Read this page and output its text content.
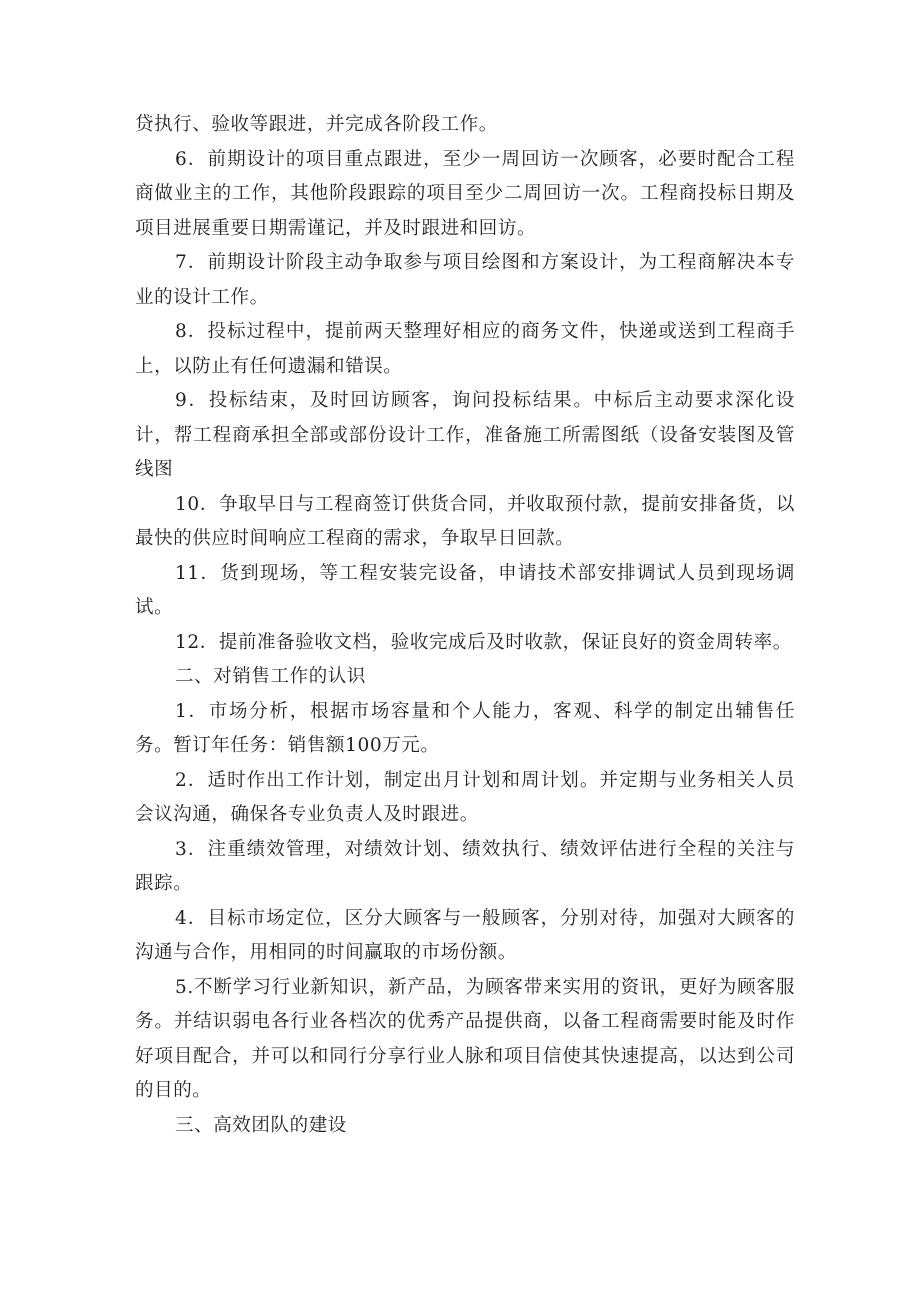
贷执行、验收等跟进，并完成各阶段工作。

6．前期设计的项目重点跟进，至少一周回访一次顾客，必要时配合工程商做业主的工作，其他阶段跟踪的项目至少二周回访一次。工程商投标日期及项目进展重要日期需谨记，并及时跟进和回访。

7．前期设计阶段主动争取参与项目绘图和方案设计，为工程商解决本专业的设计工作。

8．投标过程中，提前两天整理好相应的商务文件，快递或送到工程商手上，以防止有任何遗漏和错误。

9．投标结束，及时回访顾客，询问投标结果。中标后主动要求深化设计，帮工程商承担全部或部份设计工作，准备施工所需图纸（设备安装图及管线图

10．争取早日与工程商签订供货合同，并收取预付款，提前安排备货，以最快的供应时间响应工程商的需求，争取早日回款。

11．货到现场，等工程安装完设备，申请技术部安排调试人员到现场调试。

12．提前准备验收文档，验收完成后及时收款，保证良好的资金周转率。

二、对销售工作的认识

1．市场分析，根据市场容量和个人能力，客观、科学的制定出辅售任务。暂订年任务：销售额100万元。

2．适时作出工作计划，制定出月计划和周计划。并定期与业务相关人员会议沟通，确保各专业负责人及时跟进。

3．注重绩效管理，对绩效计划、绩效执行、绩效评估进行全程的关注与跟踪。

4．目标市场定位，区分大顾客与一般顾客，分别对待，加强对大顾客的沟通与合作，用相同的时间赢取的市场份额。

5.不断学习行业新知识，新产品，为顾客带来实用的资讯，更好为顾客服务。并结识弱电各行业各档次的优秀产品提供商，以备工程商需要时能及时作好项目配合，并可以和同行分享行业人脉和项目信使其快速提高，以达到公司的目的。

三、高效团队的建设
